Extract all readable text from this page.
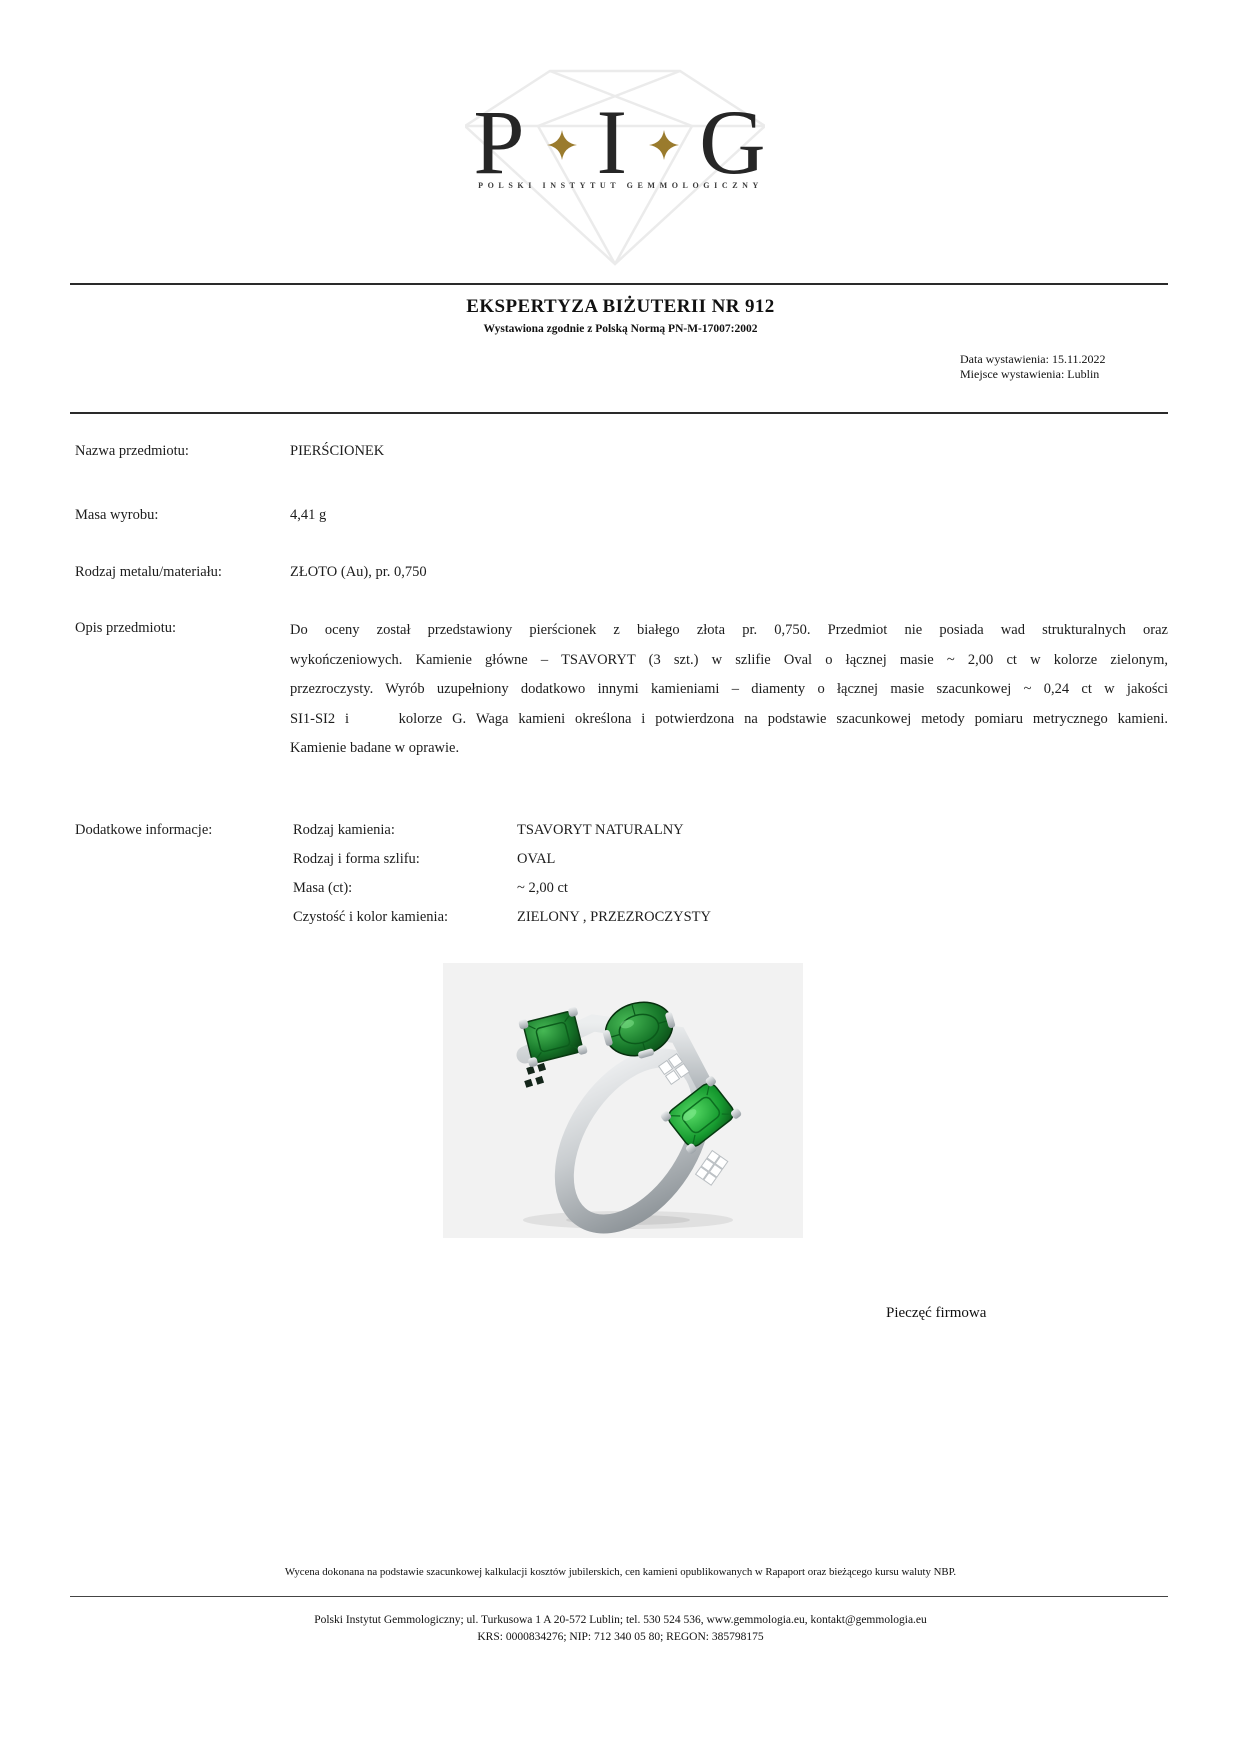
P I G
POLSKI INSTYTUT GEMMOLOGICZNY
EKSPERTYZA BIŻUTERII NR 912
Wystawiona zgodnie z Polską Normą PN-M-17007:2002
Data wystawienia: 15.11.2022
Miejsce wystawienia: Lublin
Nazwa przedmiotu:	PIERŚCIONEK
Masa wyrobu:	4,41 g
Rodzaj metalu/materiału:	ZŁOTO (Au), pr. 0,750
Opis przedmiotu:	Do oceny został przedstawiony pierścionek z białego złota pr. 0,750. Przedmiot nie posiada wad strukturalnych oraz
wykończeniowych. Kamienie główne – TSAVORYT (3 szt.) w szlifie Oval o łącznej masie ~ 2,00 ct w kolorze zielonym,
przezroczysty. Wyrób uzupełniony dodatkowo innymi kamieniami – diamenty o łącznej masie szacunkowej ~ 0,24 ct w jakości
SI1-SI2 i     kolorze G. Waga kamieni określona i potwierdzona na podstawie szacunkowej metody pomiaru metrycznego kamieni.
Kamienie badane w oprawie.
Dodatkowe informacje:	Rodzaj kamienia:	TSAVORYT NATURALNY
Rodzaj i forma szlifu:	OVAL
Masa (ct):	~ 2,00 ct
Czystość i kolor kamienia:	ZIELONY , PRZEZROCZYSTY
Pieczęć firmowa
Wycena dokonana na podstawie szacunkowej kalkulacji kosztów jubilerskich, cen kamieni opublikowanych w Rapaport oraz bieżącego kursu waluty NBP.
Polski Instytut Gemmologiczny; ul. Turkusowa 1 A 20-572 Lublin; tel. 530 524 536, www.gemmologia.eu, kontakt@gemmologia.eu
KRS: 0000834276; NIP: 712 340 05 80; REGON: 385798175
